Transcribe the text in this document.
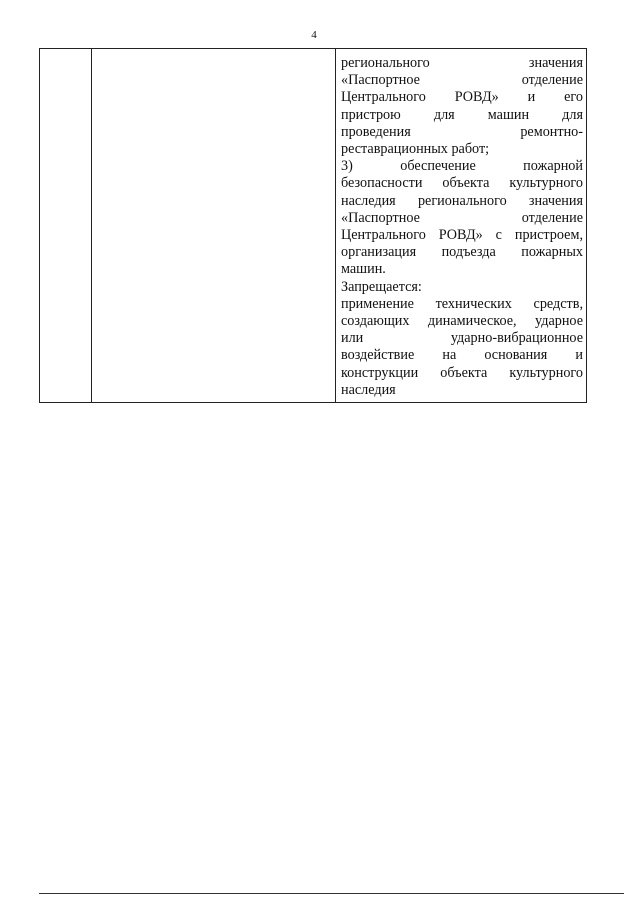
4
регионального значения
«Паспортное отделение
Центрального РОВД» и его
пристрою для машин для
проведения ремонтно-
реставрационных работ;
3) обеспечение пожарной
безопасности объекта культурного
наследия регионального значения
«Паспортное отделение
Центрального РОВД» с пристроем,
организация подъезда пожарных
машин.
Запрещается:
применение технических средств,
создающих динамическое, ударное
или ударно-вибрационное
воздействие на основания и
конструкции объекта культурного
наследия
